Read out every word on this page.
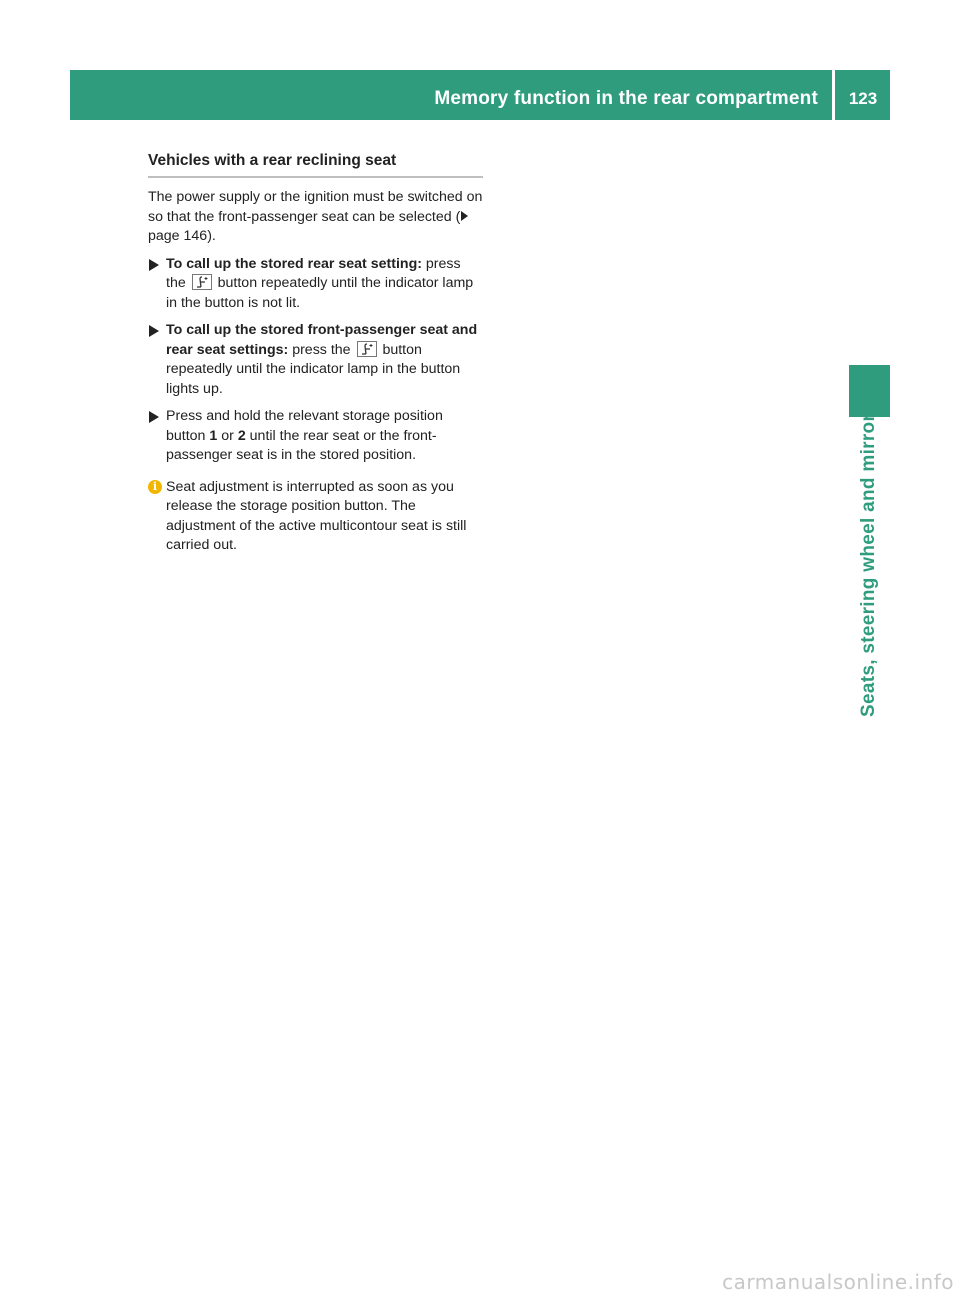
Memory function in the rear compartment	123
Seats, steering wheel and mirrors
Vehicles with a rear reclining seat

The power supply or the ignition must be switched on so that the front-passenger seat can be selected (page 146).

To call up the stored rear seat setting: press the button repeatedly until the indicator lamp in the button is not lit.
To call up the stored front-passenger seat and rear seat settings: press the button repeatedly until the indicator lamp in the button lights up.
Press and hold the relevant storage position button 1 or 2 until the rear seat or the front-passenger seat is in the stored position.
i Seat adjustment is interrupted as soon as you release the storage position button. The adjustment of the active multicontour seat is still carried out.
carmanualsonline.info
